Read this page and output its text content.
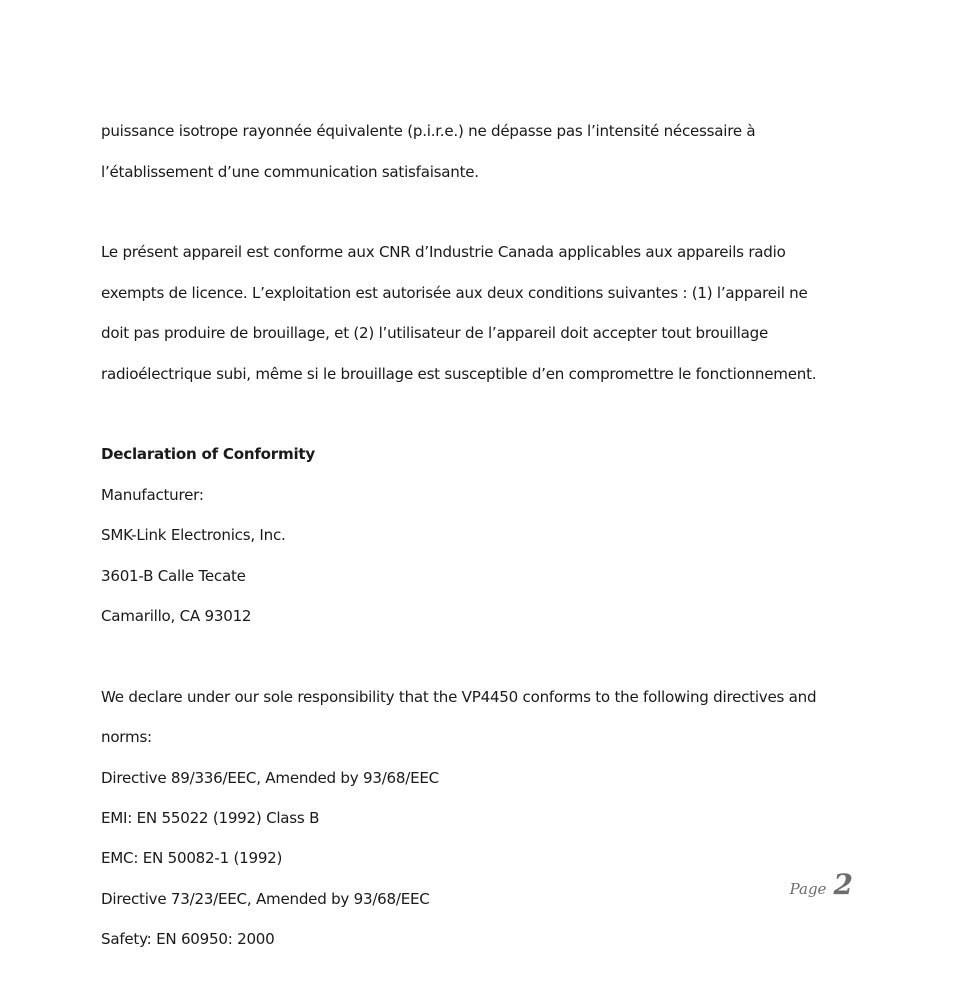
puissance isotrope rayonnée équivalente (p.i.r.e.) ne dépasse pas l’intensité nécessaire à

l’établissement d’une communication satisfaisante.

Le présent appareil est conforme aux CNR d’Industrie Canada applicables aux appareils radio

exempts de licence. L’exploitation est autorisée aux deux conditions suivantes : (1) l’appareil ne

doit pas produire de brouillage, et (2) l’utilisateur de l’appareil doit accepter tout brouillage

radioélectrique subi, même si le brouillage est susceptible d’en compromettre le fonctionnement.

Declaration of Conformity

Manufacturer:

SMK-Link Electronics, Inc.

3601-B Calle Tecate

Camarillo, CA 93012

We declare under our sole responsibility that the VP4450 conforms to the following directives and

norms:

Directive 89/336/EEC, Amended by 93/68/EEC

EMI: EN 55022 (1992) Class B

EMC: EN 50082-1 (1992)

Directive 73/23/EEC, Amended by 93/68/EEC

Safety: EN 60950: 2000

Page 2
